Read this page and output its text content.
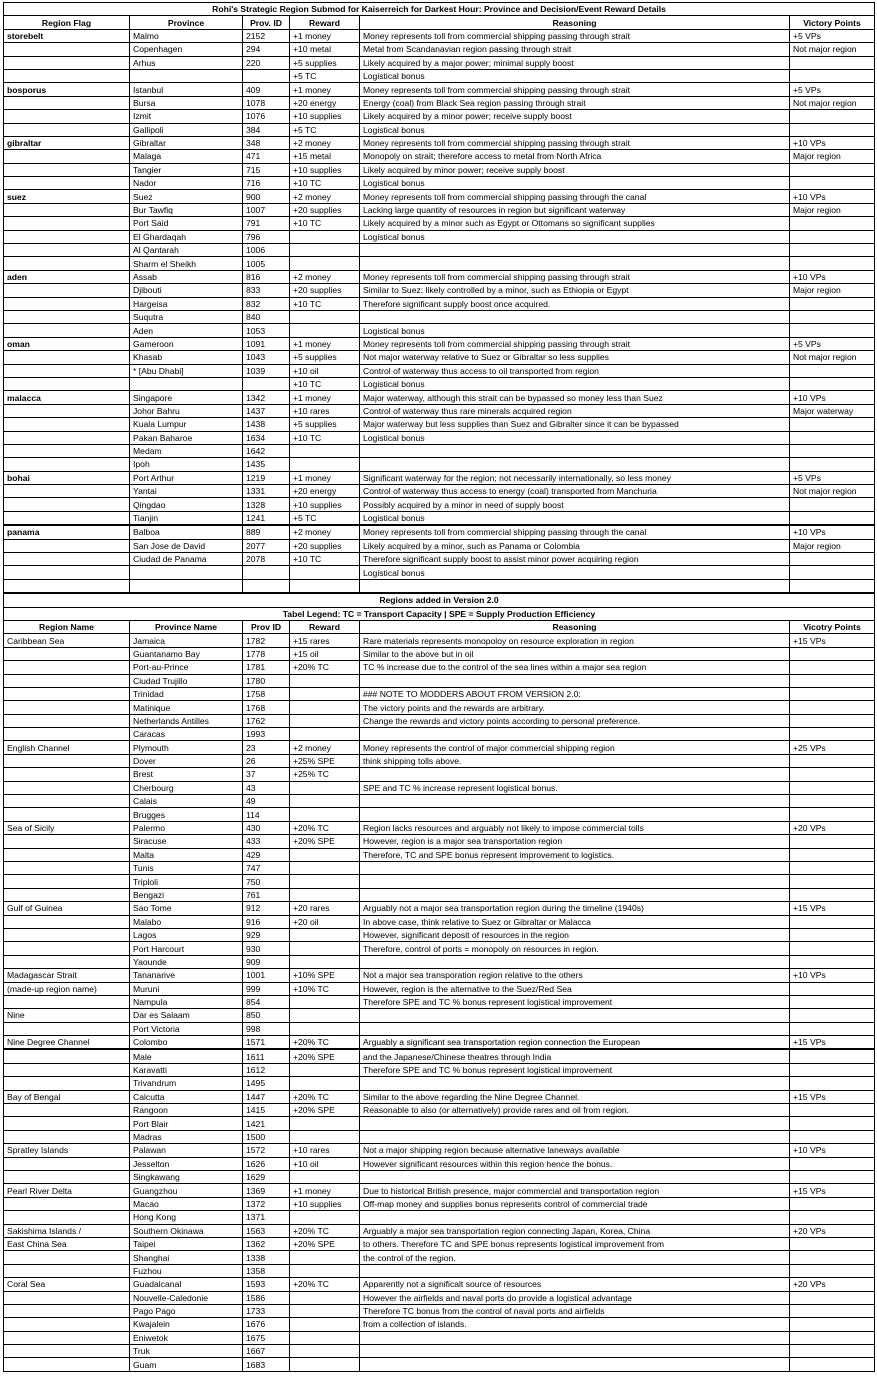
Rohi's Strategic Region Submod for Kaiserreich for Darkest Hour: Province and Decision/Event Reward Details					
Region Flag	Province	Prov. ID	Reward	Reasoning	Victory Points
storebelt	Malmo	2152	+1 money	Money represents toll from commercial shipping passing through strait	+5 VPs
	Copenhagen	294	+10 metal	Metal from Scandanavian region passing through strait	Not major region
	Arhus	220	+5 supplies	Likely acquired by a major power; minimal supply boost	
			+5 TC	Logistical bonus	
bosporus	Istanbul	409	+1 money	Money represents toll from commercial shipping passing through strait	+5 VPs
	Bursa	1078	+20 energy	Energy (coal) from Black Sea region passing through strait	Not major region
	Izmit	1076	+10 supplies	Likely acquired by a minor power; receive supply boost	
	Gallipoli	384	+5 TC	Logistical bonus	
gibraltar	Gibraltar	348	+2 money	Money represents toll from commercial shipping passing through strait	+10 VPs
	Malaga	471	+15 metal	Monopoly on strait; therefore access to metal from North Africa	Major region
	Tangier	715	+10 supplies	Likely acquired by minor power; receive supply boost	
	Nador	716	+10 TC	Logistical bonus	
suez	Suez	900	+2 money	Money represents toll from commercial shipping passing through the canal	+10 VPs
	Bur Tawfiq	1007	+20 supplies	Lacking large quantity of resources in region but significant waterway	Major region
	Port Said	791	+10 TC	Likely acquired by a minor such as Egypt or Ottomans so significant supplies	
	El Ghardaqah	796		Logistical bonus	
	Al Qantarah	1006			
	Sharm el Sheikh	1005			
aden	Assab	816	+2 money	Money represents toll from commercial shipping passing through strait	+10 VPs
	Djibouti	833	+20 supplies	Similar to Suez: likely controlled by a minor, such as Ethiopia or Egypt	Major region
	Hargeisa	832	+10 TC	Therefore significant supply boost once acquired.	
	Suqutra	840			
	Aden	1053		Logistical bonus	
oman	Gameroon	1091	+1 money	Money represents toll from commercial shipping passing through strait	+5 VPs
	Khasab	1043	+5 supplies	Not major waterway relative to Suez or Gibraltar so less supplies	Not major region
	* [Abu Dhabi]	1039	+10 oil	Control of waterway thus access to oil transported from region	
			+10 TC	Logistical bonus	
malacca	Singapore	1342	+1 money	Major waterway, although this strait can be bypassed so money less than Suez	+10 VPs
	Johor Bahru	1437	+10 rares	Control of waterway thus rare minerals acquired region	Major waterway
	Kuala Lumpur	1438	+5 supplies	Major waterway but less supplies than Suez and Gibralter since it can be bypassed	
	Pakan Baharoe	1634	+10 TC	Logistical bonus	
	Medam	1642			
	Ipoh	1435			
bohai	Port Arthur	1219	+1 money	Significant waterway for the region; not necessarily internationally, so less money	+5 VPs
	Yantai	1331	+20 energy	Control of waterway thus access to energy (coal) transported from Manchuria	Not major region
	Qingdao	1328	+10 supplies	Possibly acquired by a minor in need of supply boost	
	Tianjin	1241	+5 TC	Logistical bonus	
panama	Balboa	889	+2 money	Money represents toll from commercial shipping passing through the canal	+10 VPs
	San Jose de David	2077	+20 supplies	Likely acquired by a minor, such as Panama or Colombia	Major region
	Ciudad de Panama	2078	+10 TC	Therefore significant supply boost to assist minor power acquiring region	
				Logistical bonus	

Regions added in Version 2.0					
Tabel Legend: TC = Transport Capacity | SPE = Supply Production Efficiency					
Region Name	Province Name	Prov ID	Reward	Reasoning	Vicotry Points
Caribbean Sea	Jamaica	1782	+15 rares	Rare materials represents monopoloy on resource exploration in region	+15 VPs
	Guantanamo Bay	1778	+15 oil	Similar to the above but in oil	
	Port-au-Prince	1781	+20% TC	TC % increase due to the control of the sea lines within a major sea region	
	Ciudad Trujillo	1780			
	Trinidad	1758		### NOTE TO MODDERS ABOUT FROM VERSION 2.0:	
	Matinique	1768		The victory points and the rewards are arbitrary.	
	Netherlands Antilles	1762		Change the rewards and victory points according to personal preference.	
	Caracas	1993			
English Channel	Plymouth	23	+2 money	Money represents the control of major commercial shipping region	+25 VPs
	Dover	26	+25% SPE	think shipping tolls above.	
	Brest	37	+25% TC		
	Cherbourg	43		SPE and TC % increase represent logistical bonus.	
	Calais	49			
	Brugges	114			
Sea of Sicily	Palermo	430	+20% TC	Region lacks resources and arguably not likely to impose commercial tolls	+20 VPs
	Siracuse	433	+20% SPE	However, region is a major sea transportation region	
	Malta	429		Therefore, TC and SPE bonus represent improvement to logistics.	
	Tunis	747			
	Triploli	750			
	Bengazi	761			
Gulf of Guinea	Sao Tome	912	+20 rares	Arguably not a major sea transportation region during the timeline (1940s)	+15 VPs
	Malabo	916	+20 oil	In above case, think relative to Suez or Gibraltar or Malacca	
	Lagos	929		However, significant deposit of resources in the region	
	Port Harcourt	930		Therefore, control of ports = monopoly on resources in region.	
	Yaounde	909			
Madagascar Strait	Tananarive	1001	+10% SPE	Not a major sea transporation region relative to the others	+10 VPs
(made-up region name)	Muruni	999	+10% TC	However, region is the alternative to the Suez/Red Sea	
	Nampula	854		Therefore SPE and TC % bonus represent logistical improvement	
Nine	Dar es Salaam	850			
	Port Victoria	998			
Nine Degree Channel	Colombo	1571	+20% TC	Arguably a significant sea transportation region connection the European	+15 VPs
	Male	1611	+20% SPE	and the Japanese/Chinese theatres through India	
	Karavatti	1612		Therefore SPE and TC % bonus represent logistical improvement	
	Trivandrum	1495			
Bay of Bengal	Calcutta	1447	+20% TC	Similar to the above regarding the Nine Degree Channel.	+15 VPs
	Rangoon	1415	+20% SPE	Reasonable to also (or alternatively) provide rares and oil from region.	
	Port Blair	1421			
	Madras	1500			
Spratley Islands	Palawan	1572	+10 rares	Not a major shipping region because alternative laneways available	+10 VPs
	Jesselton	1626	+10 oil	However significant resources within this region hence the bonus.	
	Singkawang	1629			
Pearl River Delta	Guangzhou	1369	+1 money	Due to historical British presence, major commercial and transportation region	+15 VPs
	Macao	1372	+10 supplies	Off-map money and supplies bonus represents control of commercial trade	
	Hong Kong	1371			
Sakishima Islands /	Southern Okinawa	1563	+20% TC	Arguably a major sea transportation region connecting Japan, Korea, China	+20 VPs
East China Sea	Taipei	1362	+20% SPE	to others. Therefore TC and SPE bonus represents logistical improvement from	
	Shanghai	1338		the control of the region.	
	Fuzhou	1358			
Coral Sea	Guadalcanal	1593	+20% TC	Apparently not a significalt source of resources	+20 VPs
	Nouvelle-Caledonie	1586		However the airfields and naval ports do provide a logistical advantage	
	Pago Pago	1733		Therefore TC bonus from the control of naval ports and airfields	
	Kwajalein	1676		from a collection of islands.	
	Eniwetok	1675			
	Truk	1667			
	Guam	1683			
